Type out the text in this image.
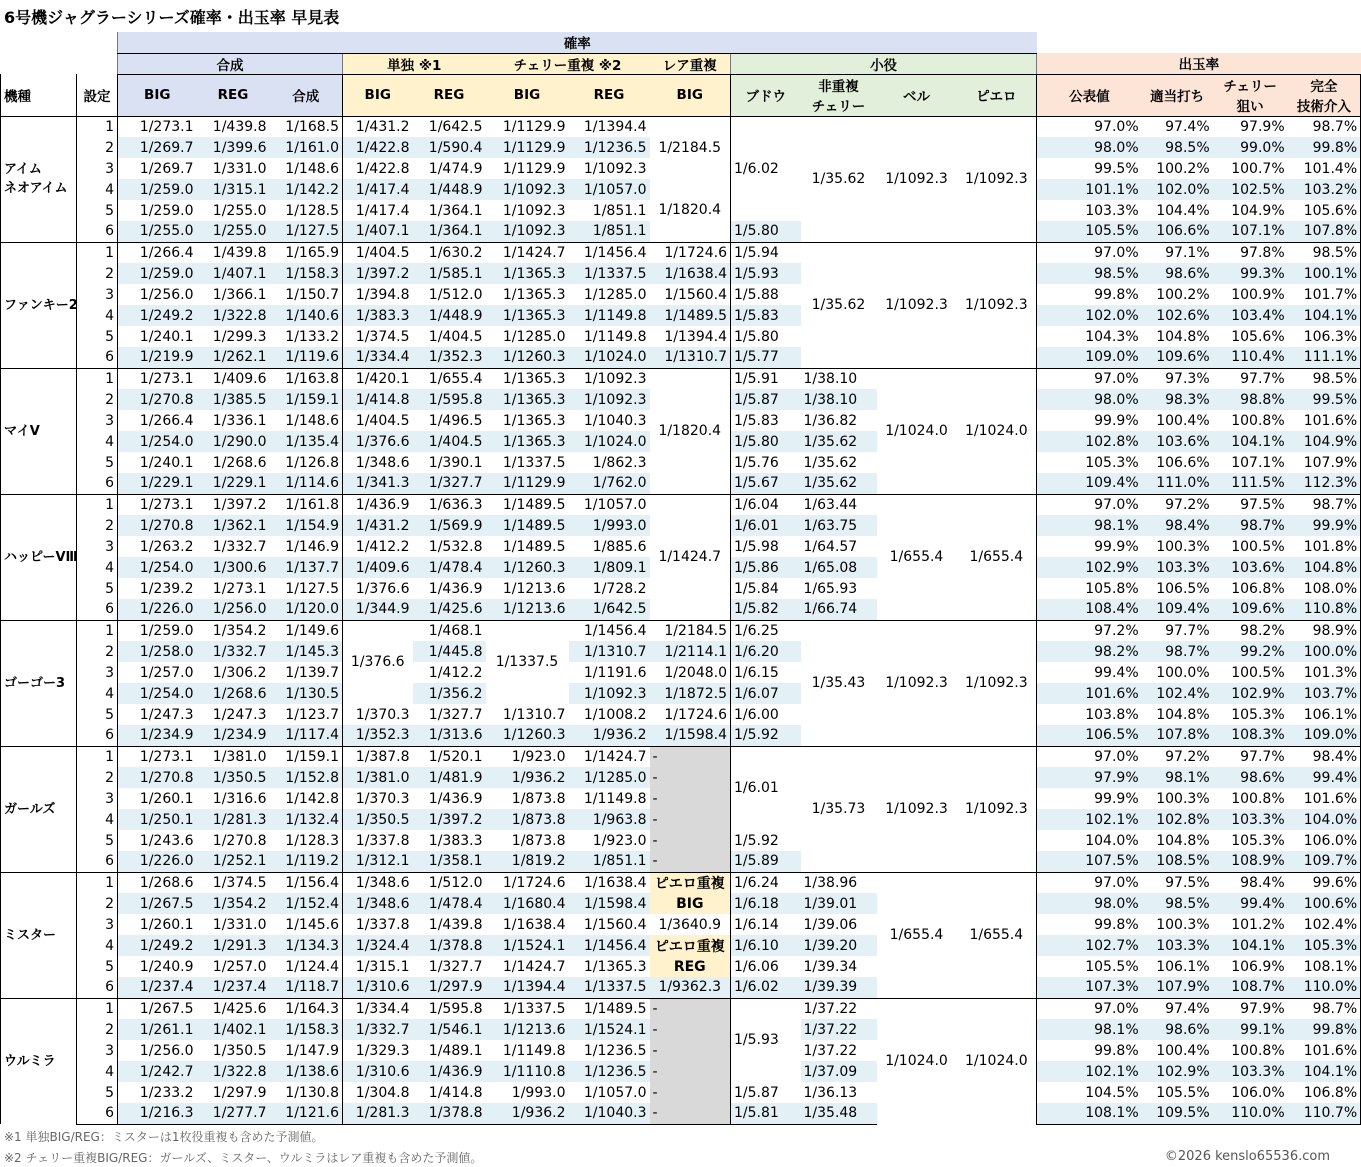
6号機ジャグラーシリーズ確率・出玉率 早見表
		確率															
		合成			単独 ※1		チェリー重複 ※2		レア重複	小役				出玉率			
機種	設定	BIG	REG	合成	BIG	REG	BIG	REG	BIG	ブドウ	非重複
チェリー	ベル	ピエロ	公表値	適当打ち	チェリー
狙い	完全
技術介入
アイム
ネオアイム	1	1/273.1	1/439.8	1/168.5	1/431.2	1/642.5	1/1129.9	1/1394.4	1/2184.5	1/6.02	1/35.62	1/1092.3	1/1092.3	97.0%	97.4%	97.9%	98.7%
	2	1/269.7	1/399.6	1/161.0	1/422.8	1/590.4	1/1129.9	1/1236.5						98.0%	98.5%	99.0%	99.8%
	3	1/269.7	1/331.0	1/148.6	1/422.8	1/474.9	1/1129.9	1/1092.3						99.5%	100.2%	100.7%	101.4%
	4	1/259.0	1/315.1	1/142.2	1/417.4	1/448.9	1/1092.3	1/1057.0	1/1820.4					101.1%	102.0%	102.5%	103.2%
	5	1/259.0	1/255.0	1/128.5	1/417.4	1/364.1	1/1092.3	1/851.1						103.3%	104.4%	104.9%	105.6%
	6	1/255.0	1/255.0	1/127.5	1/407.1	1/364.1	1/1092.3	1/851.1		1/5.80				105.5%	106.6%	107.1%	107.8%
ファンキー2	1	1/266.4	1/439.8	1/165.9	1/404.5	1/630.2	1/1424.7	1/1456.4	1/1724.6	1/5.94	1/35.62	1/1092.3	1/1092.3	97.0%	97.1%	97.8%	98.5%
	2	1/259.0	1/407.1	1/158.3	1/397.2	1/585.1	1/1365.3	1/1337.5	1/1638.4	1/5.93				98.5%	98.6%	99.3%	100.1%
	3	1/256.0	1/366.1	1/150.7	1/394.8	1/512.0	1/1365.3	1/1285.0	1/1560.4	1/5.88				99.8%	100.2%	100.9%	101.7%
	4	1/249.2	1/322.8	1/140.6	1/383.3	1/448.9	1/1365.3	1/1149.8	1/1489.5	1/5.83				102.0%	102.6%	103.4%	104.1%
	5	1/240.1	1/299.3	1/133.2	1/374.5	1/404.5	1/1285.0	1/1149.8	1/1394.4	1/5.80				104.3%	104.8%	105.6%	106.3%
	6	1/219.9	1/262.1	1/119.6	1/334.4	1/352.3	1/1260.3	1/1024.0	1/1310.7	1/5.77				109.0%	109.6%	110.4%	111.1%
マイV	1	1/273.1	1/409.6	1/163.8	1/420.1	1/655.4	1/1365.3	1/1092.3	1/1820.4	1/5.91	1/38.10	1/1024.0	1/1024.0	97.0%	97.3%	97.7%	98.5%
	2	1/270.8	1/385.5	1/159.1	1/414.8	1/595.8	1/1365.3	1/1092.3		1/5.87	1/38.10			98.0%	98.3%	98.8%	99.5%
	3	1/266.4	1/336.1	1/148.6	1/404.5	1/496.5	1/1365.3	1/1040.3		1/5.83	1/36.82			99.9%	100.4%	100.8%	101.6%
	4	1/254.0	1/290.0	1/135.4	1/376.6	1/404.5	1/1365.3	1/1024.0		1/5.80	1/35.62			102.8%	103.6%	104.1%	104.9%
	5	1/240.1	1/268.6	1/126.8	1/348.6	1/390.1	1/1337.5	1/862.3		1/5.76	1/35.62			105.3%	106.6%	107.1%	107.9%
	6	1/229.1	1/229.1	1/114.6	1/341.3	1/327.7	1/1129.9	1/762.0		1/5.67	1/35.62			109.4%	111.0%	111.5%	112.3%
ハッピーVⅢ	1	1/273.1	1/397.2	1/161.8	1/436.9	1/636.3	1/1489.5	1/1057.0	1/1424.7	1/6.04	1/63.44	1/655.4	1/655.4	97.0%	97.2%	97.5%	98.7%
	2	1/270.8	1/362.1	1/154.9	1/431.2	1/569.9	1/1489.5	1/993.0		1/6.01	1/63.75			98.1%	98.4%	98.7%	99.9%
	3	1/263.2	1/332.7	1/146.9	1/412.2	1/532.8	1/1489.5	1/885.6		1/5.98	1/64.57			99.9%	100.3%	100.5%	101.8%
	4	1/254.0	1/300.6	1/137.7	1/409.6	1/478.4	1/1260.3	1/809.1		1/5.86	1/65.08			102.9%	103.3%	103.6%	104.8%
	5	1/239.2	1/273.1	1/127.5	1/376.6	1/436.9	1/1213.6	1/728.2		1/5.84	1/65.93			105.8%	106.5%	106.8%	108.0%
	6	1/226.0	1/256.0	1/120.0	1/344.9	1/425.6	1/1213.6	1/642.5		1/5.82	1/66.74			108.4%	109.4%	109.6%	110.8%
ゴーゴー3	1	1/259.0	1/354.2	1/149.6	1/376.6	1/468.1	1/1337.5	1/1456.4	1/2184.5	1/6.25	1/35.43	1/1092.3	1/1092.3	97.2%	97.7%	98.2%	98.9%
	2	1/258.0	1/332.7	1/145.3		1/445.8		1/1310.7	1/2114.1	1/6.20				98.2%	98.7%	99.2%	100.0%
	3	1/257.0	1/306.2	1/139.7		1/412.2		1/1191.6	1/2048.0	1/6.15				99.4%	100.0%	100.5%	101.3%
	4	1/254.0	1/268.6	1/130.5		1/356.2		1/1092.3	1/1872.5	1/6.07				101.6%	102.4%	102.9%	103.7%
	5	1/247.3	1/247.3	1/123.7	1/370.3	1/327.7	1/1310.7	1/1008.2	1/1724.6	1/6.00				103.8%	104.8%	105.3%	106.1%
	6	1/234.9	1/234.9	1/117.4	1/352.3	1/313.6	1/1260.3	1/936.2	1/1598.4	1/5.92				106.5%	107.8%	108.3%	109.0%
ガールズ	1	1/273.1	1/381.0	1/159.1	1/387.8	1/520.1	1/923.0	1/1424.7	-	1/6.01	1/35.73	1/1092.3	1/1092.3	97.0%	97.2%	97.7%	98.4%
	2	1/270.8	1/350.5	1/152.8	1/381.0	1/481.9	1/936.2	1/1285.0	-					97.9%	98.1%	98.6%	99.4%
	3	1/260.1	1/316.6	1/142.8	1/370.3	1/436.9	1/873.8	1/1149.8	-					99.9%	100.3%	100.8%	101.6%
	4	1/250.1	1/281.3	1/132.4	1/350.5	1/397.2	1/873.8	1/963.8	-					102.1%	102.8%	103.3%	104.0%
	5	1/243.6	1/270.8	1/128.3	1/337.8	1/383.3	1/873.8	1/923.0	-	1/5.92				104.0%	104.8%	105.3%	106.0%
	6	1/226.0	1/252.1	1/119.2	1/312.1	1/358.1	1/819.2	1/851.1	-	1/5.89				107.5%	108.5%	108.9%	109.7%
ミスター	1	1/268.6	1/374.5	1/156.4	1/348.6	1/512.0	1/1724.6	1/1638.4	ピエロ重複	1/6.24	1/38.96	1/655.4	1/655.4	97.0%	97.5%	98.4%	99.6%
	2	1/267.5	1/354.2	1/152.4	1/348.6	1/478.4	1/1680.4	1/1598.4	BIG	1/6.18	1/39.01			98.0%	98.5%	99.4%	100.6%
	3	1/260.1	1/331.0	1/145.6	1/337.8	1/439.8	1/1638.4	1/1560.4	1/3640.9	1/6.14	1/39.06			99.8%	100.3%	101.2%	102.4%
	4	1/249.2	1/291.3	1/134.3	1/324.4	1/378.8	1/1524.1	1/1456.4	ピエロ重複	1/6.10	1/39.20			102.7%	103.3%	104.1%	105.3%
	5	1/240.9	1/257.0	1/124.4	1/315.1	1/327.7	1/1424.7	1/1365.3	REG	1/6.06	1/39.34			105.5%	106.1%	106.9%	108.1%
	6	1/237.4	1/237.4	1/118.7	1/310.6	1/297.9	1/1394.4	1/1337.5	1/9362.3	1/6.02	1/39.39			107.3%	107.9%	108.7%	110.0%
ウルミラ	1	1/267.5	1/425.6	1/164.3	1/334.4	1/595.8	1/1337.5	1/1489.5	-	1/5.93	1/37.22	1/1024.0	1/1024.0	97.0%	97.4%	97.9%	98.7%
	2	1/261.1	1/402.1	1/158.3	1/332.7	1/546.1	1/1213.6	1/1524.1	-		1/37.22			98.1%	98.6%	99.1%	99.8%
	3	1/256.0	1/350.5	1/147.9	1/329.3	1/489.1	1/1149.8	1/1236.5	-		1/37.22			99.8%	100.4%	100.8%	101.6%
	4	1/242.7	1/322.8	1/138.6	1/310.6	1/436.9	1/1110.8	1/1236.5	-		1/37.09			102.1%	102.9%	103.3%	104.1%
	5	1/233.2	1/297.9	1/130.8	1/304.8	1/414.8	1/993.0	1/1057.0	-	1/5.87	1/36.13			104.5%	105.5%	106.0%	106.8%
	6	1/216.3	1/277.7	1/121.6	1/281.3	1/378.8	1/936.2	1/1040.3	-	1/5.81	1/35.48			108.1%	109.5%	110.0%	110.7%
※1 単独BIG/REG：ミスターは1枚役重複も含めた予測値。
※2 チェリー重複BIG/REG：ガールズ、ミスター、ウルミラはレア重複も含めた予測値。	©2026 kenslo65536.com
